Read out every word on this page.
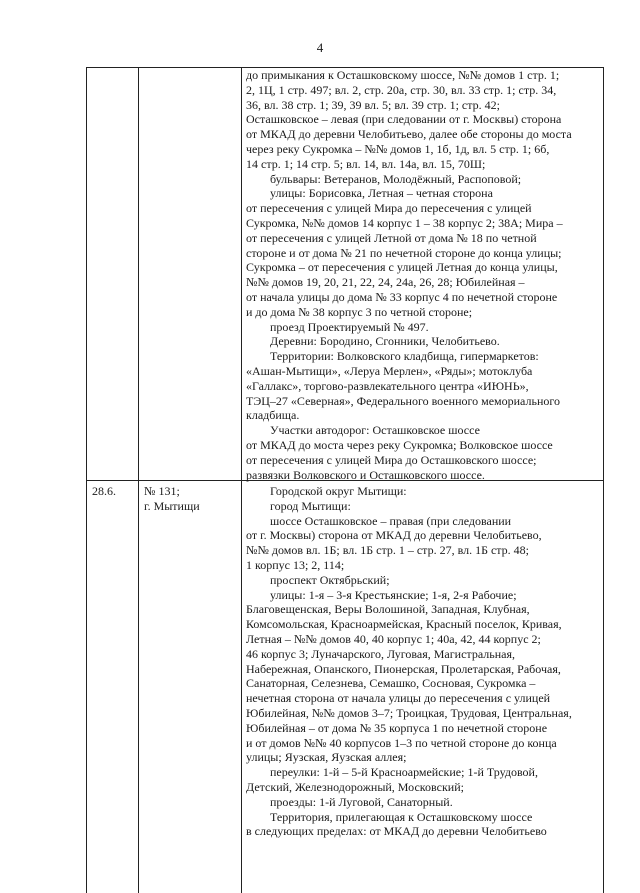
4
до примыкания к Осташковскому шоссе, №№ домов 1 стр. 1;
2, 1Ц, 1 стр. 497; вл. 2, стр. 20а, стр. 30, вл. 33 стр. 1; стр. 34,
36, вл. 38 стр. 1; 39, 39 вл. 5; вл. 39 стр. 1; стр. 42;
Осташковское – левая (при следовании от г. Москвы) сторона
от МКАД до деревни Челобитьево, далее обе стороны до моста
через реку Сукромка – №№ домов 1, 1б, 1д, вл. 5 стр. 1; 6б,
14 стр. 1; 14 стр. 5; вл. 14, вл. 14а, вл. 15, 70Ш;
бульвары: Ветеранов, Молодёжный, Распоповой;
улицы: Борисовка, Летная – четная сторона
от пересечения с улицей Мира до пересечения с улицей
Сукромка, №№ домов 14 корпус 1 – 38 корпус 2; 38А; Мира –
от пересечения с улицей Летной от дома № 18 по четной
стороне и от дома № 21 по нечетной стороне до конца улицы;
Сукромка – от пересечения с улицей Летная до конца улицы,
№№ домов 19, 20, 21, 22, 24, 24а, 26, 28; Юбилейная –
от начала улицы до дома № 33 корпус 4 по нечетной стороне
и до дома № 38 корпус 3 по четной стороне;
проезд Проектируемый № 497.
Деревни: Бородино, Сгонники, Челобитьево.
Территории: Волковского кладбища, гипермаркетов:
«Ашан-Мытищи», «Леруа Мерлен», «Ряды»; мотоклуба
«Галлакс», торгово-развлекательного центра «ИЮНЬ»,
ТЭЦ–27 «Северная», Федерального военного мемориального
кладбища.
Участки автодорог: Осташковское шоссе
от МКАД до моста через реку Сукромка; Волковское шоссе
от пересечения с улицей Мира до Осташковского шоссе;
развязки Волковского и Осташковского шоссе.
28.6. № 131;
г. Мытищи
Городской округ Мытищи:
город Мытищи:
шоссе Осташковское – правая (при следовании
от г. Москвы) сторона от МКАД до деревни Челобитьево,
№№ домов вл. 1Б; вл. 1Б стр. 1 – стр. 27, вл. 1Б стр. 48;
1 корпус 13; 2, 114;
проспект Октябрьский;
улицы: 1-я – 3-я Крестьянские; 1-я, 2-я Рабочие;
Благовещенская, Веры Волошиной, Западная, Клубная,
Комсомольская, Красноармейская, Красный поселок, Кривая,
Летная – №№ домов 40, 40 корпус 1; 40а, 42, 44 корпус 2;
46 корпус 3; Луначарского, Луговая, Магистральная,
Набережная, Опанского, Пионерская, Пролетарская, Рабочая,
Санаторная, Селезнева, Семашко, Сосновая, Сукромка –
нечетная сторона от начала улицы до пересечения с улицей
Юбилейная, №№ домов 3–7; Троицкая, Трудовая, Центральная,
Юбилейная – от дома № 35 корпуса 1 по нечетной стороне
и от домов №№ 40 корпусов 1–3 по четной стороне до конца
улицы; Яузская, Яузская аллея;
переулки: 1-й – 5-й Красноармейские; 1-й Трудовой,
Детский, Железнодорожный, Московский;
проезды: 1-й Луговой, Санаторный.
Территория, прилегающая к Осташковскому шоссе
в следующих пределах: от МКАД до деревни Челобитьево
